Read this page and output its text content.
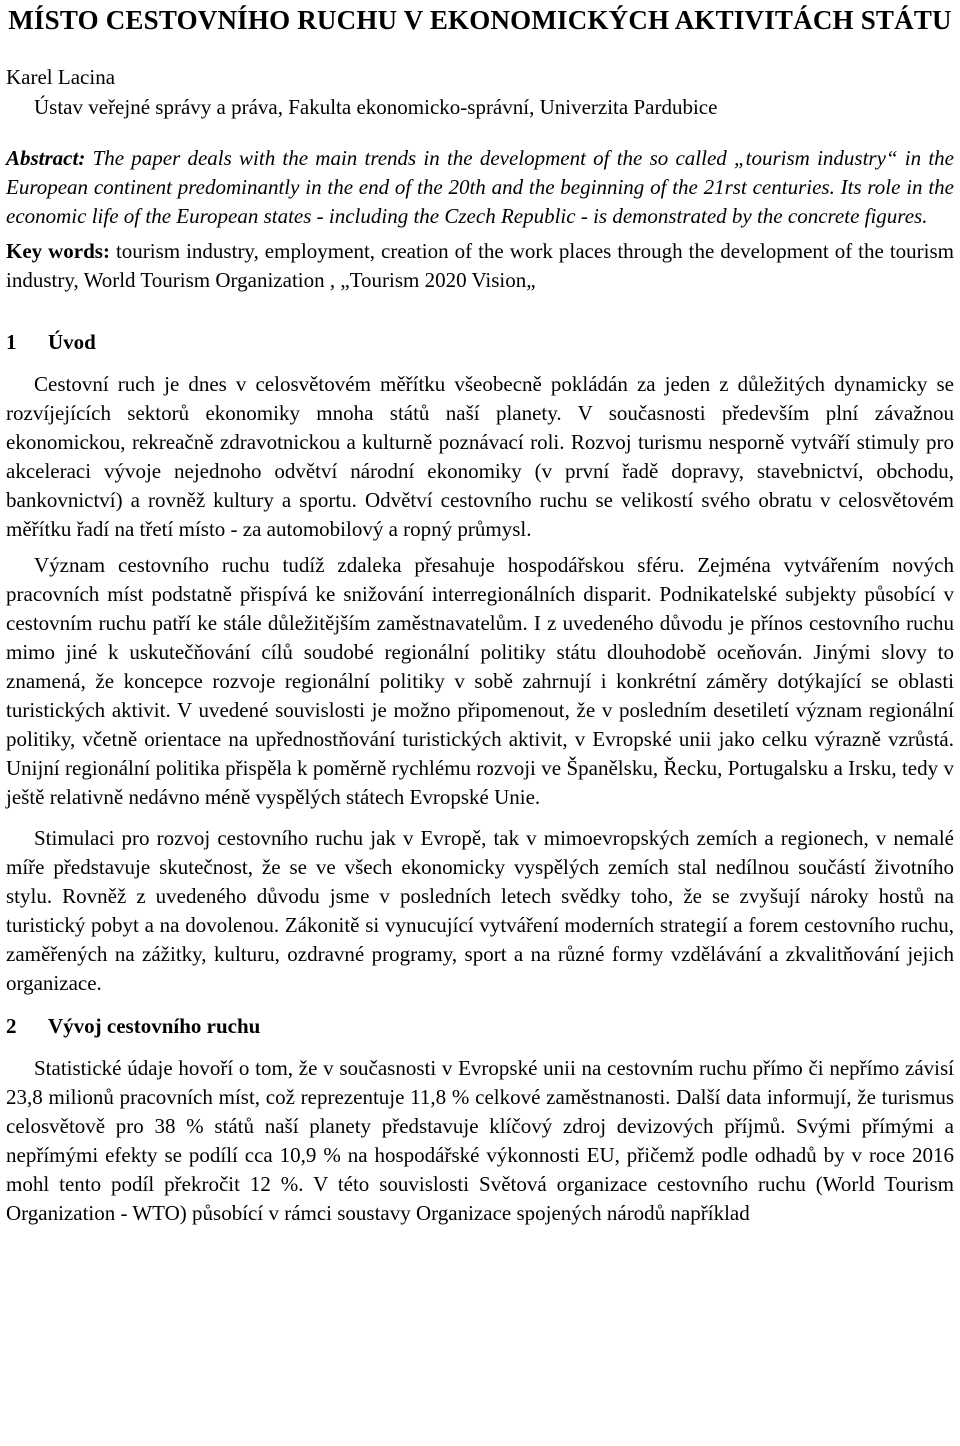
MÍSTO CESTOVNÍHO RUCHU V EKONOMICKÝCH AKTIVITÁCH STÁTU
Karel Lacina
Ústav veřejné správy a práva, Fakulta ekonomicko-správní, Univerzita Pardubice
Abstract: The paper deals with the main trends in the development of the so called „tourism industry“ in the European continent predominantly in the end of the 20th and the beginning of the 21rst centuries. Its role in the economic life of the European states - including the Czech Republic - is demonstrated by the concrete figures.
Key words: tourism industry, employment, creation of the work places through the development of the tourism industry, World Tourism Organization , „Tourism 2020 Vision„
1 Úvod

Cestovní ruch je dnes v celosvětovém měřítku všeobecně pokládán za jeden z důležitých dynamicky se rozvíjejících sektorů ekonomiky mnoha států naší planety. V současnosti především plní závažnou ekonomickou, rekreačně zdravotnickou a kulturně poznávací roli. Rozvoj turismu nesporně vytváří stimuly pro akceleraci vývoje nejednoho odvětví národní ekonomiky (v první řadě dopravy, stavebnictví, obchodu, bankovnictví) a rovněž kultury a sportu. Odvětví cestovního ruchu se velikostí svého obratu v celosvětovém měřítku řadí na třetí místo - za automobilový a ropný průmysl.

Význam cestovního ruchu tudíž zdaleka přesahuje hospodářskou sféru. Zejména vytvářením nových pracovních míst podstatně přispívá ke snižování interregionálních disparit. Podnikatelské subjekty působící v cestovním ruchu patří ke stále důležitějším zaměstnavatelům. I z uvedeného důvodu je přínos cestovního ruchu mimo jiné k uskutečňování cílů soudobé regionální politiky státu dlouhodobě oceňován. Jinými slovy to znamená, že koncepce rozvoje regionální politiky v sobě zahrnují i konkrétní záměry dotýkající se oblasti turistických aktivit. V uvedené souvislosti je možno připomenout, že v posledním desetiletí význam regionální politiky, včetně orientace na upřednostňování turistických aktivit, v Evropské unii jako celku výrazně vzrůstá. Unijní regionální politika přispěla k poměrně rychlému rozvoji ve Španělsku, Řecku, Portugalsku a Irsku, tedy v ještě relativně nedávno méně vyspělých státech Evropské Unie.

Stimulaci pro rozvoj cestovního ruchu jak v Evropě, tak v mimoevropských zemích a regionech, v nemalé míře představuje skutečnost, že se ve všech ekonomicky vyspělých zemích stal nedílnou součástí životního stylu. Rovněž z uvedeného důvodu jsme v posledních letech svědky toho, že se zvyšují nároky hostů na turistický pobyt a na dovolenou. Zákonitě si vynucující vytváření moderních strategií a forem cestovního ruchu, zaměřených na zážitky, kulturu, ozdravné programy, sport a na různé formy vzdělávání a zkvalitňování jejich organizace.

2 Vývoj cestovního ruchu

Statistické údaje hovoří o tom, že v současnosti v Evropské unii na cestovním ruchu přímo či nepřímo závisí 23,8 milionů pracovních míst, což reprezentuje 11,8 % celkové zaměstnanosti. Další data informují, že turismus celosvětově pro 38 % států naší planety představuje klíčový zdroj devizových příjmů. Svými přímými a nepřímými efekty se podílí cca 10,9 % na hospodářské výkonnosti EU, přičemž podle odhadů by v roce 2016 mohl tento podíl překročit 12 %. V této souvislosti Světová organizace cestovního ruchu (World Tourism Organization - WTO) působící v rámci soustavy Organizace spojených národů například
